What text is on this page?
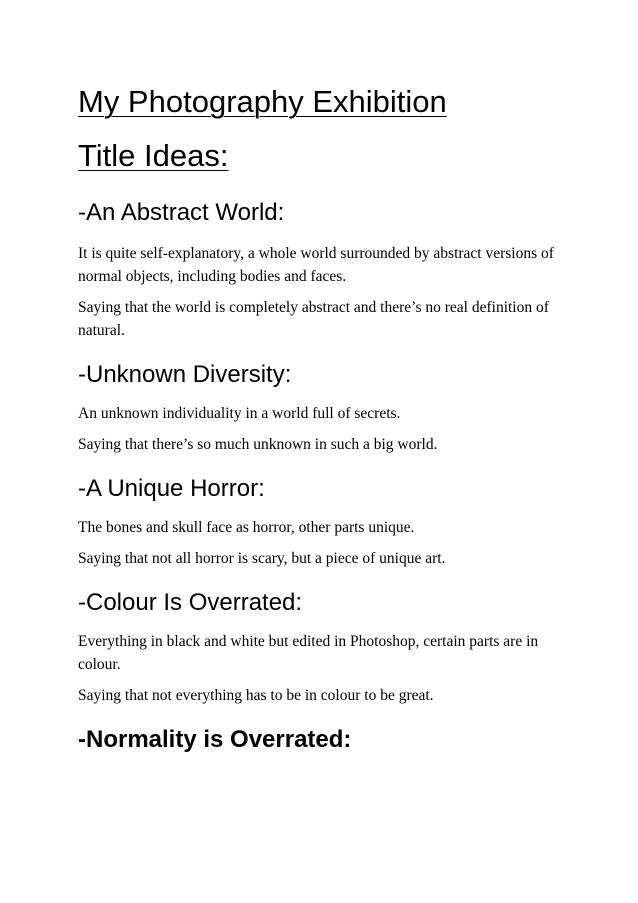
My Photography Exhibition
Title Ideas:
-An Abstract World:

It is quite self-explanatory, a whole world surrounded by abstract versions of normal objects, including bodies and faces.

Saying that the world is completely abstract and there’s no real definition of natural.

-Unknown Diversity:

An unknown individuality in a world full of secrets.

Saying that there’s so much unknown in such a big world.

-A Unique Horror:

The bones and skull face as horror, other parts unique.

Saying that not all horror is scary, but a piece of unique art.

-Colour Is Overrated:

Everything in black and white but edited in Photoshop, certain parts are in colour.

Saying that not everything has to be in colour to be great.

-Normality is Overrated:
